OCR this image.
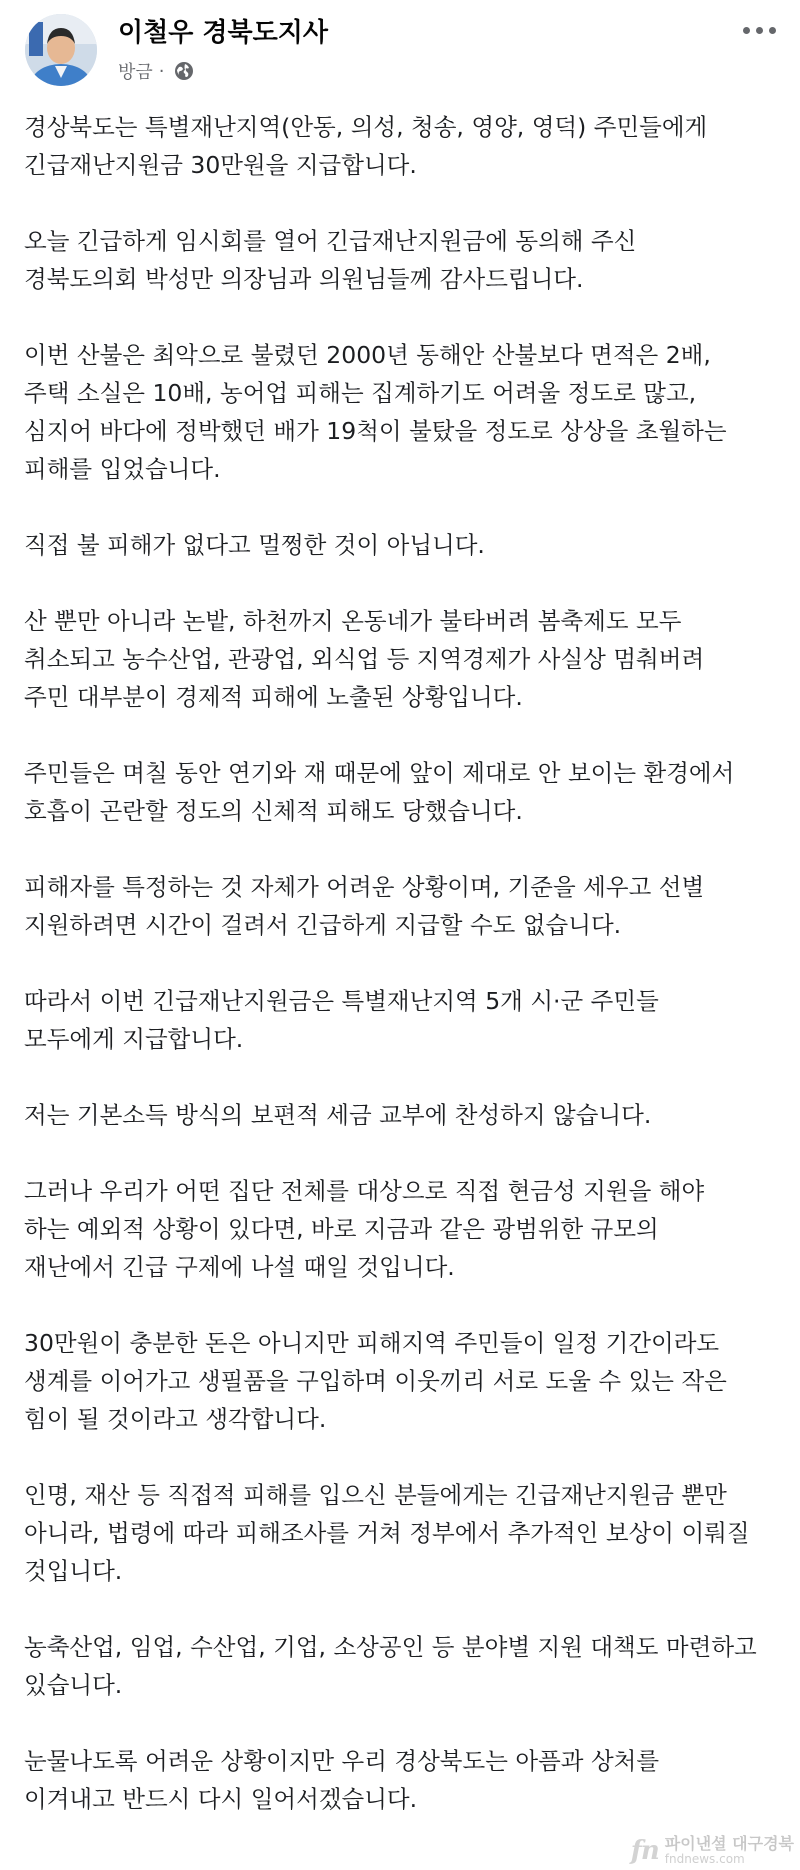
이철우 경북도지사
방금 ·

경상북도는 특별재난지역(안동, 의성, 청송, 영양, 영덕) 주민들에게
긴급재난지원금 30만원을 지급합니다.

오늘 긴급하게 임시회를 열어 긴급재난지원금에 동의해 주신
경북도의회 박성만 의장님과 의원님들께 감사드립니다.

이번 산불은 최악으로 불렸던 2000년 동해안 산불보다 면적은 2배,
주택 소실은 10배, 농어업 피해는 집계하기도 어려울 정도로 많고,
심지어 바다에 정박했던 배가 19척이 불탔을 정도로 상상을 초월하는
피해를 입었습니다.

직접 불 피해가 없다고 멀쩡한 것이 아닙니다.

산 뿐만 아니라 논밭, 하천까지 온동네가 불타버려 봄축제도 모두
취소되고 농수산업, 관광업, 외식업 등 지역경제가 사실상 멈춰버려
주민 대부분이 경제적 피해에 노출된 상황입니다.

주민들은 며칠 동안 연기와 재 때문에 앞이 제대로 안 보이는 환경에서
호흡이 곤란할 정도의 신체적 피해도 당했습니다.

피해자를 특정하는 것 자체가 어려운 상황이며, 기준을 세우고 선별
지원하려면 시간이 걸려서 긴급하게 지급할 수도 없습니다.

따라서 이번 긴급재난지원금은 특별재난지역 5개 시·군 주민들
모두에게 지급합니다.

저는 기본소득 방식의 보편적 세금 교부에 찬성하지 않습니다.

그러나 우리가 어떤 집단 전체를 대상으로 직접 현금성 지원을 해야
하는 예외적 상황이 있다면, 바로 지금과 같은 광범위한 규모의
재난에서 긴급 구제에 나설 때일 것입니다.

30만원이 충분한 돈은 아니지만 피해지역 주민들이 일정 기간이라도
생계를 이어가고 생필품을 구입하며 이웃끼리 서로 도울 수 있는 작은
힘이 될 것이라고 생각합니다.

인명, 재산 등 직접적 피해를 입으신 분들에게는 긴급재난지원금 뿐만
아니라, 법령에 따라 피해조사를 거쳐 정부에서 추가적인 보상이 이뤄질
것입니다.

농축산업, 임업, 수산업, 기업, 소상공인 등 분야별 지원 대책도 마련하고
있습니다.

눈물나도록 어려운 상황이지만 우리 경상북도는 아픔과 상처를
이겨내고 반드시 다시 일어서겠습니다.

fn 파이낸셜 대구경북
fndnews.com
